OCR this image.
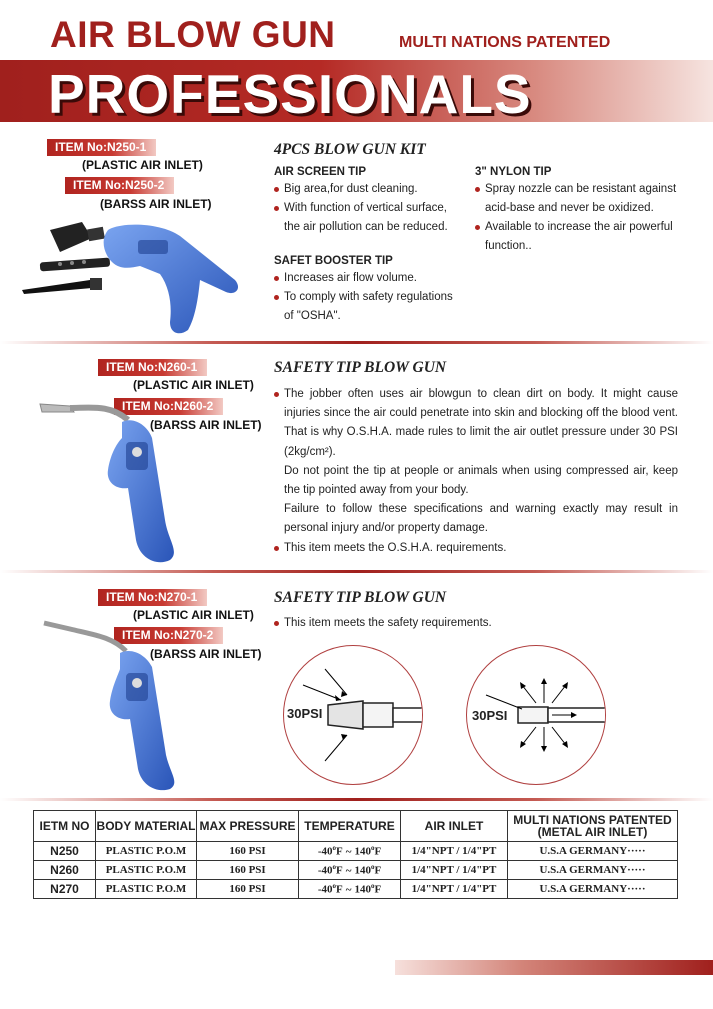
AIR BLOW GUN	MULTI NATIONS PATENTED
PROFESSIONALS
ITEM No:N250-1
(PLASTIC AIR INLET)
ITEM No:N250-2
(BARSS AIR INLET)
4PCS BLOW GUN KIT
AIR SCREEN TIP
Big area,for dust cleaning.
With function of vertical surface,
the air pollution can be reduced.
SAFET BOOSTER TIP
Increases air flow volume.
To comply with safety regulations
of "OSHA".
3" NYLON TIP
Spray nozzle can be resistant against
acid-base and never be oxidized.
Available to increase the air powerful
function..
ITEM No:N260-1
(PLASTIC AIR INLET)
ITEM No:N260-2
(BARSS AIR INLET)
SAFETY TIP BLOW GUN

The jobber often uses air blowgun to clean dirt on body. It might cause injuries since the air could penetrate into skin and blocking off the blood vent. That is why O.S.H.A. made rules to limit the air outlet pressure under 30 PSI (2kg/cm²).

Do not point the tip at people or animals when using compressed air, keep the tip pointed away from your body.

Failure to follow these specifications and warning exactly may result in personal injury and/or property damage.

This item meets the O.S.H.A. requirements.

ITEM No:N270-1
(PLASTIC AIR INLET)
ITEM No:N270-2
(BARSS AIR INLET)
SAFETY TIP BLOW GUN
This item meets the safety requirements.
30PSI	30PSI
IETM NO	BODY MATERIAL	MAX PRESSURE	TEMPERATURE	AIR INLET	MULTI NATIONS PATENTED
(METAL AIR INLET)

N250	PLASTIC P.O.M	160 PSI	-40$^o$F ~ 140$^o$F	1/4"NPT / 1/4"PT	U.S.A GERMANY·····
N260	PLASTIC P.O.M	160 PSI	-40$^o$F ~ 140$^o$F	1/4"NPT / 1/4"PT	U.S.A GERMANY·····
N270	PLASTIC P.O.M	160 PSI	-40$^o$F ~ 140$^o$F	1/4"NPT / 1/4"PT	U.S.A GERMANY·····
